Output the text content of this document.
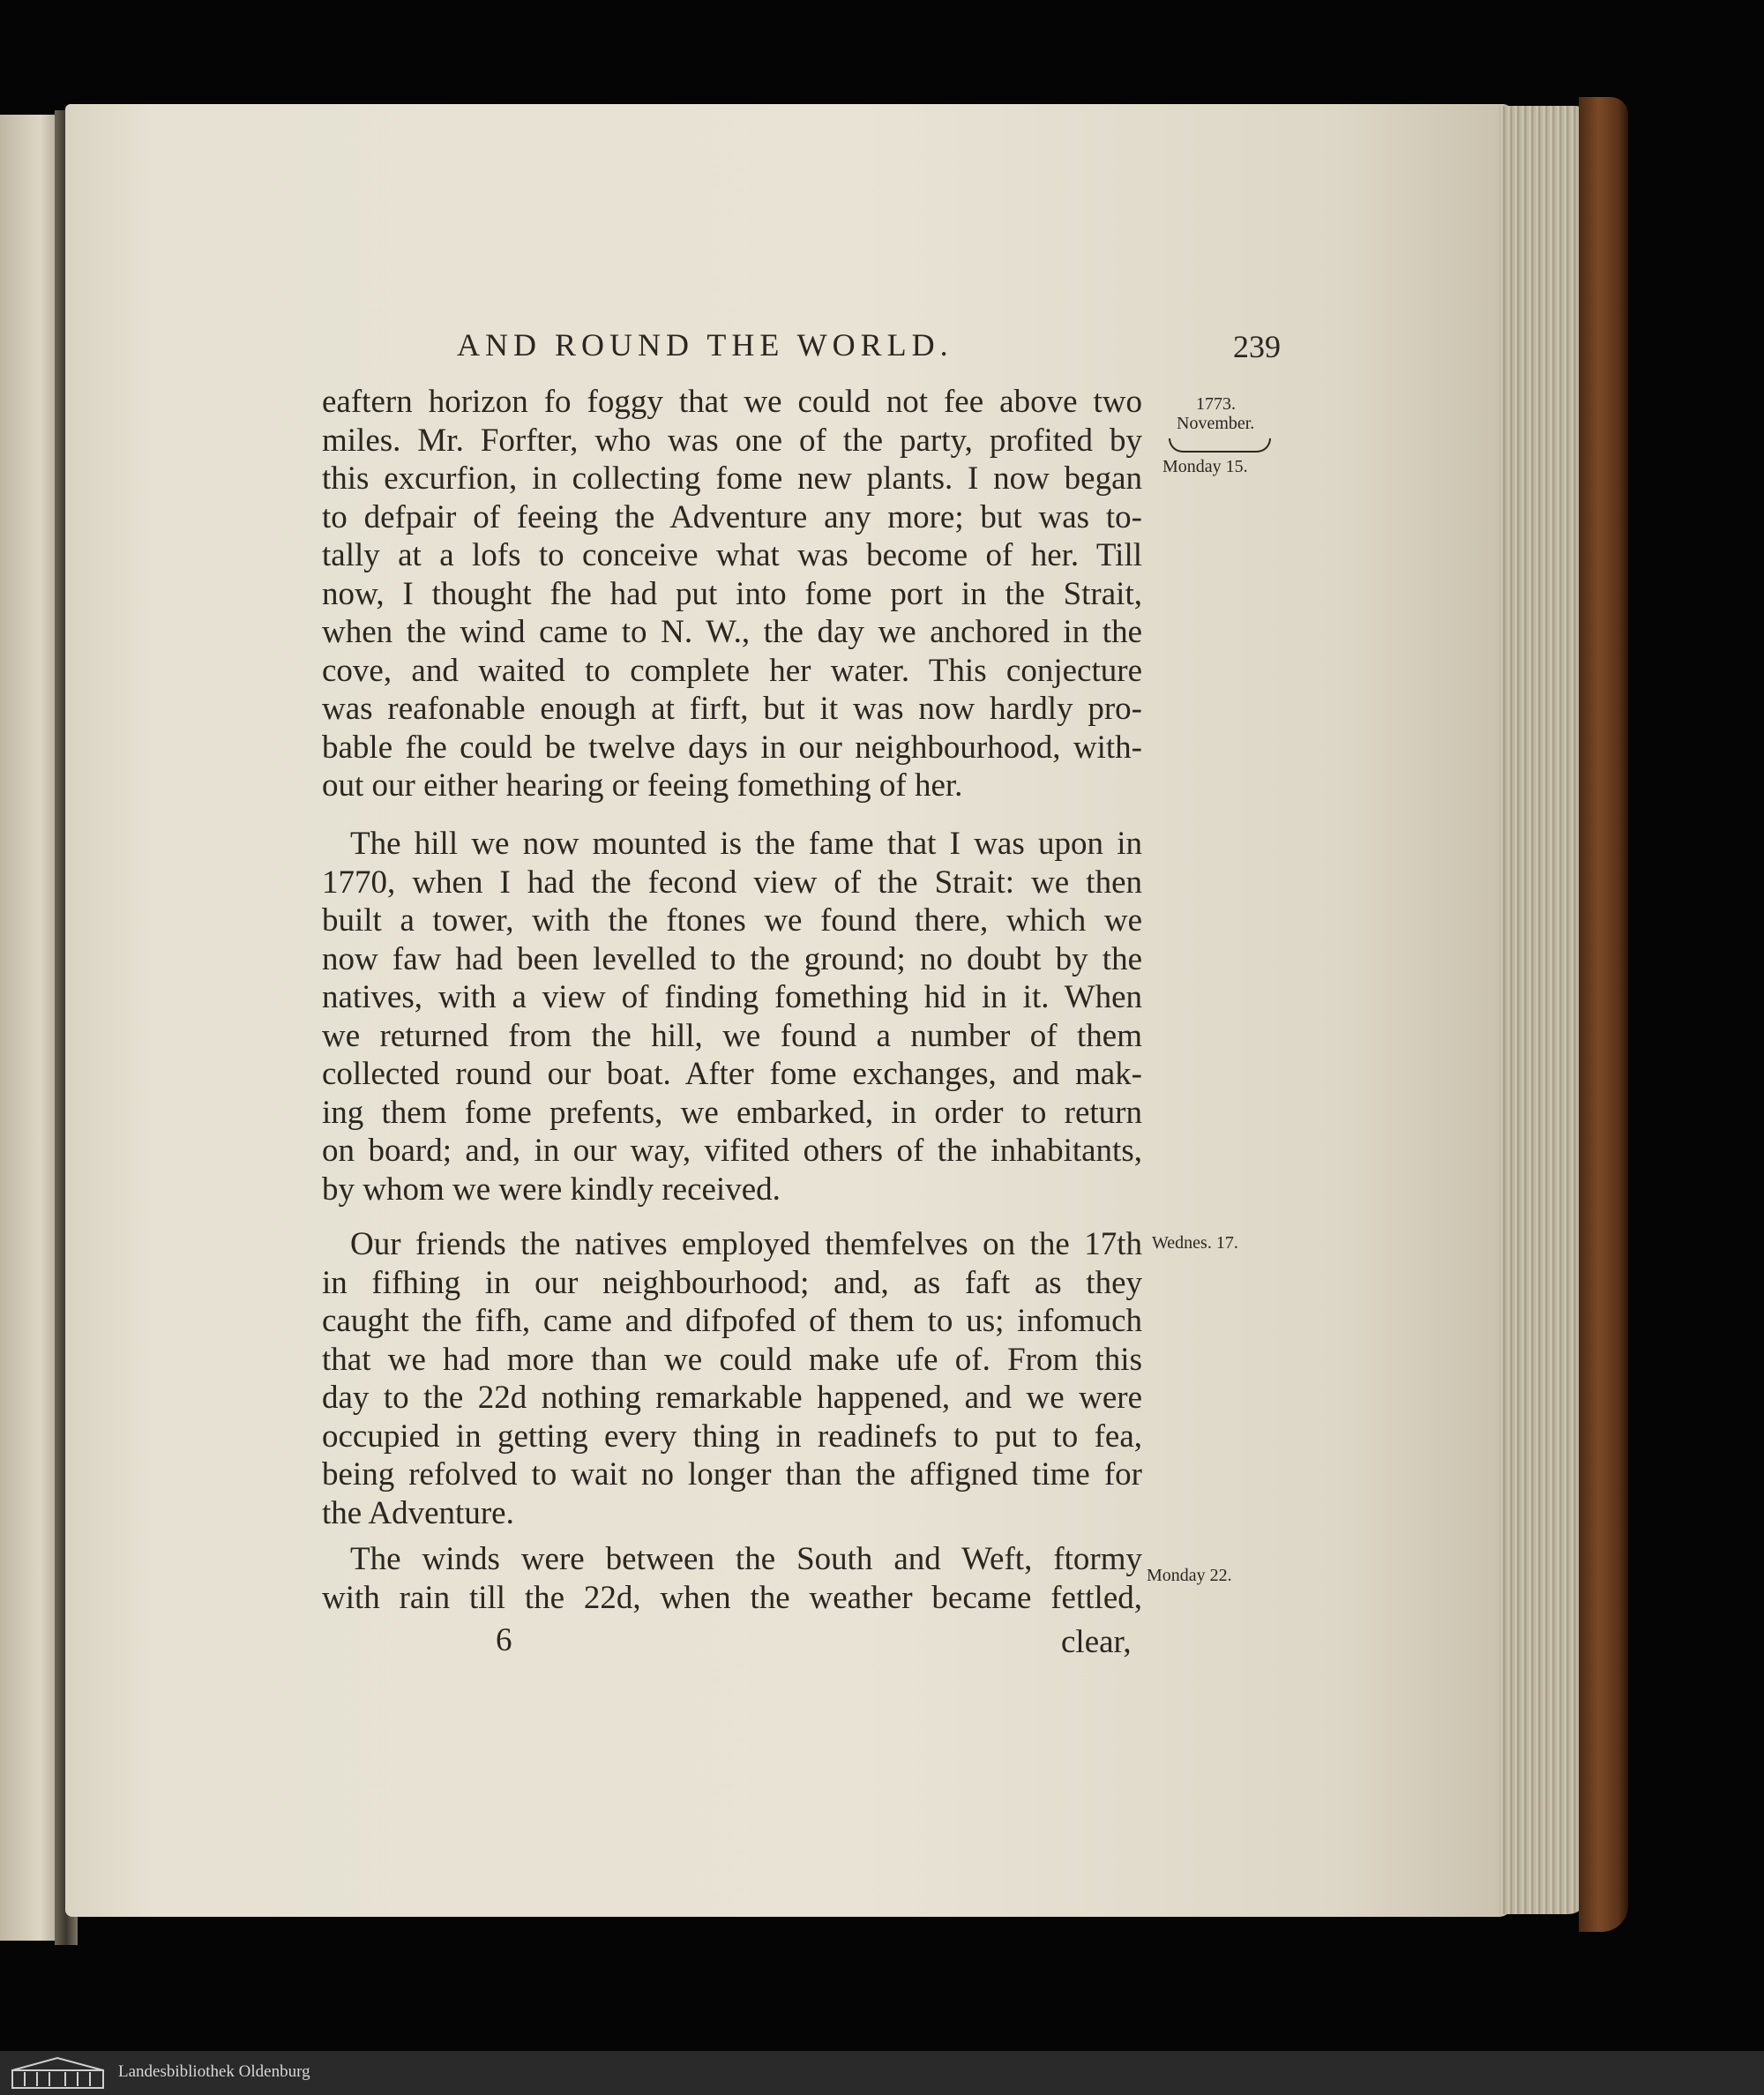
AND ROUND THE WORLD.	239
eaftern horizon fo foggy that we could not fee above two
miles. Mr. Forfter, who was one of the party, profited by
this excurfion, in collecting fome new plants. I now began
to defpair of feeing the Adventure any more; but was to-
tally at a lofs to conceive what was become of her. Till
now, I thought fhe had put into fome port in the Strait,
when the wind came to N. W., the day we anchored in the
cove, and waited to complete her water. This conjecture
was reafonable enough at firft, but it was now hardly pro-
bable fhe could be twelve days in our neighbourhood, with-
out our either hearing or feeing fomething of her.
The hill we now mounted is the fame that I was upon in
1770, when I had the fecond view of the Strait: we then
built a tower, with the ftones we found there, which we
now faw had been levelled to the ground; no doubt by the
natives, with a view of finding fomething hid in it. When
we returned from the hill, we found a number of them
collected round our boat. After fome exchanges, and mak-
ing them fome prefents, we embarked, in order to return
on board; and, in our way, vifited others of the inhabitants,
by whom we were kindly received.
Our friends the natives employed themfelves on the 17th
in fifhing in our neighbourhood; and, as faft as they
caught the fifh, came and difpofed of them to us; infomuch
that we had more than we could make ufe of. From this
day to the 22d nothing remarkable happened, and we were
occupied in getting every thing in readinefs to put to fea,
being refolved to wait no longer than the affigned time for
the Adventure.
The winds were between the South and Weft, ftormy
with rain till the 22d, when the weather became fettled,
6	clear,
1773.
November.
Monday 15.
Wednes. 17.
Monday 22.
Landesbibliothek Oldenburg
